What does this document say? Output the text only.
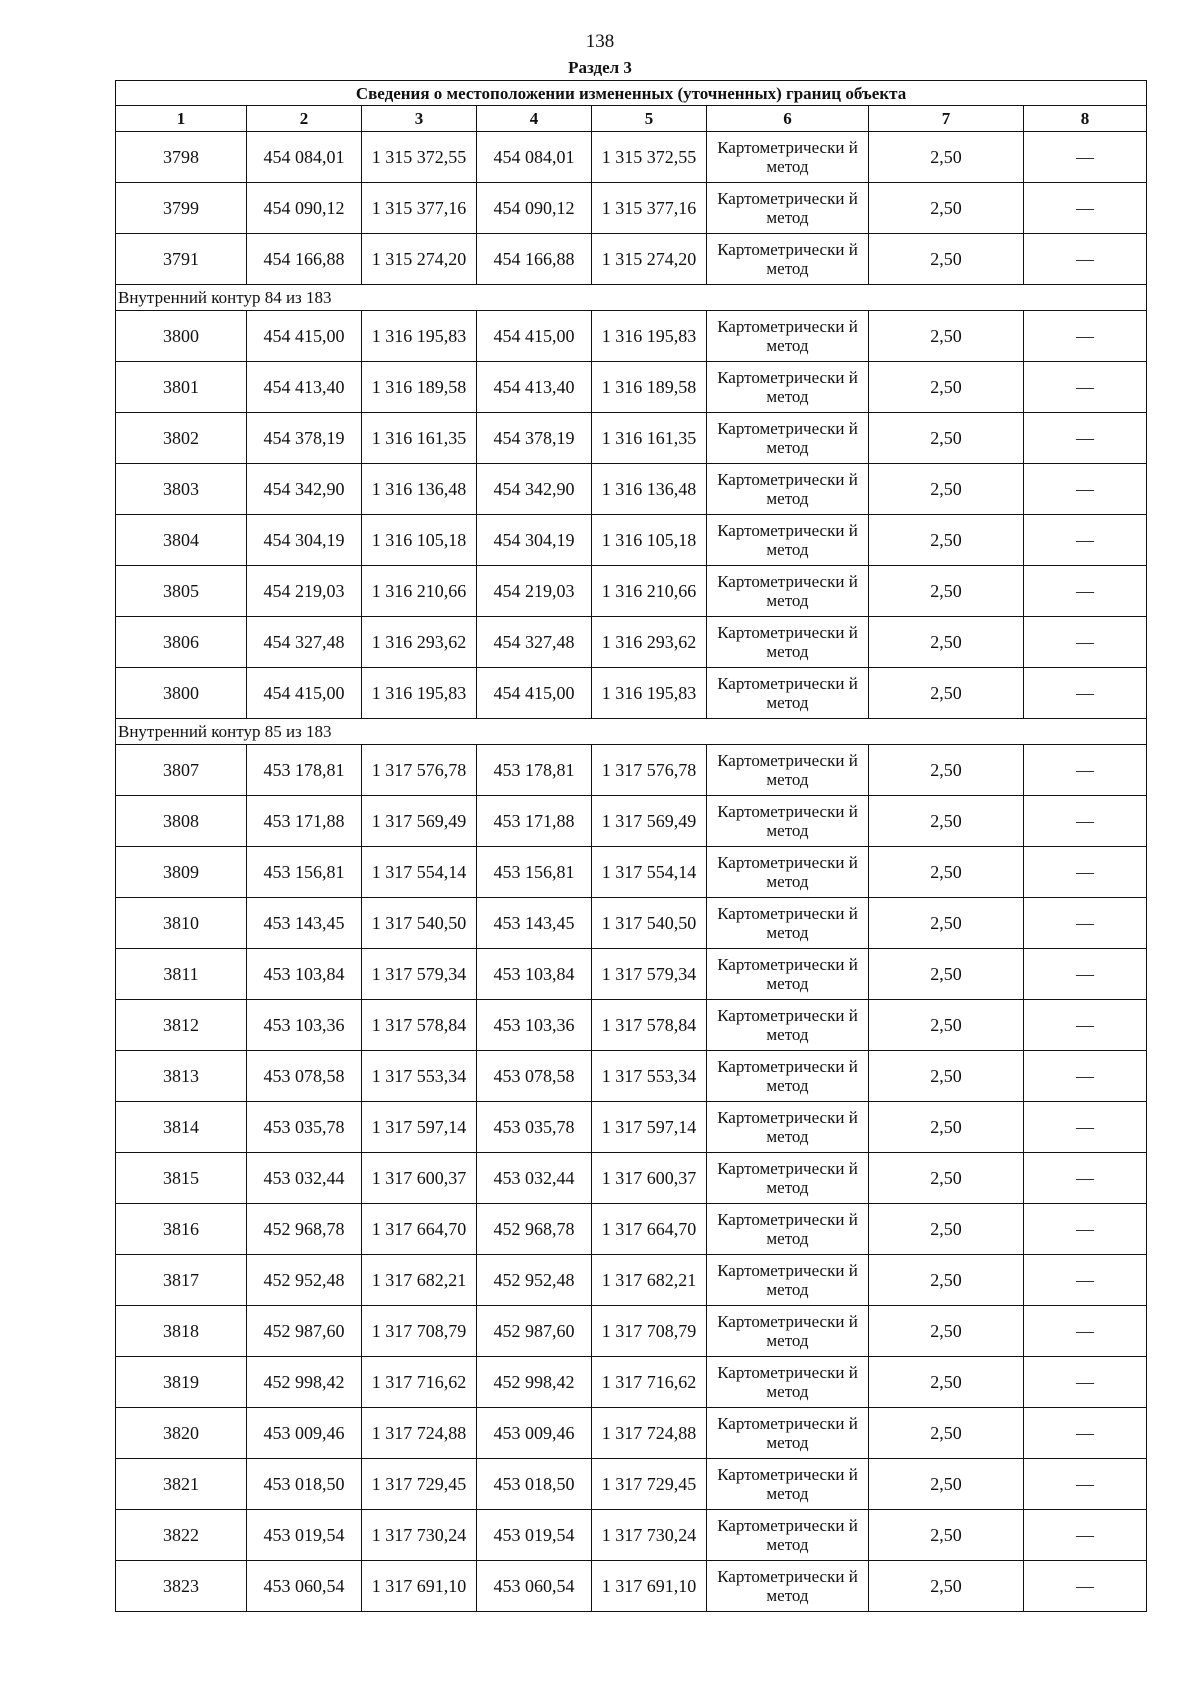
138
Раздел 3
Сведения о местоположении измененных (уточненных) границ объекта							
1	2	3	4	5	6	7	8
3798	454 084,01	1 315 372,55	454 084,01	1 315 372,55	Картометрически й метод	2,50	—
3799	454 090,12	1 315 377,16	454 090,12	1 315 377,16	Картометрически й метод	2,50	—
3791	454 166,88	1 315 274,20	454 166,88	1 315 274,20	Картометрически й метод	2,50	—
Внутренний контур 84 из 183							
3800	454 415,00	1 316 195,83	454 415,00	1 316 195,83	Картометрически й метод	2,50	—
3801	454 413,40	1 316 189,58	454 413,40	1 316 189,58	Картометрически й метод	2,50	—
3802	454 378,19	1 316 161,35	454 378,19	1 316 161,35	Картометрически й метод	2,50	—
3803	454 342,90	1 316 136,48	454 342,90	1 316 136,48	Картометрически й метод	2,50	—
3804	454 304,19	1 316 105,18	454 304,19	1 316 105,18	Картометрически й метод	2,50	—
3805	454 219,03	1 316 210,66	454 219,03	1 316 210,66	Картометрически й метод	2,50	—
3806	454 327,48	1 316 293,62	454 327,48	1 316 293,62	Картометрически й метод	2,50	—
3800	454 415,00	1 316 195,83	454 415,00	1 316 195,83	Картометрически й метод	2,50	—
Внутренний контур 85 из 183							
3807	453 178,81	1 317 576,78	453 178,81	1 317 576,78	Картометрически й метод	2,50	—
3808	453 171,88	1 317 569,49	453 171,88	1 317 569,49	Картометрически й метод	2,50	—
3809	453 156,81	1 317 554,14	453 156,81	1 317 554,14	Картометрически й метод	2,50	—
3810	453 143,45	1 317 540,50	453 143,45	1 317 540,50	Картометрически й метод	2,50	—
3811	453 103,84	1 317 579,34	453 103,84	1 317 579,34	Картометрически й метод	2,50	—
3812	453 103,36	1 317 578,84	453 103,36	1 317 578,84	Картометрически й метод	2,50	—
3813	453 078,58	1 317 553,34	453 078,58	1 317 553,34	Картометрически й метод	2,50	—
3814	453 035,78	1 317 597,14	453 035,78	1 317 597,14	Картометрически й метод	2,50	—
3815	453 032,44	1 317 600,37	453 032,44	1 317 600,37	Картометрически й метод	2,50	—
3816	452 968,78	1 317 664,70	452 968,78	1 317 664,70	Картометрически й метод	2,50	—
3817	452 952,48	1 317 682,21	452 952,48	1 317 682,21	Картометрически й метод	2,50	—
3818	452 987,60	1 317 708,79	452 987,60	1 317 708,79	Картометрически й метод	2,50	—
3819	452 998,42	1 317 716,62	452 998,42	1 317 716,62	Картометрически й метод	2,50	—
3820	453 009,46	1 317 724,88	453 009,46	1 317 724,88	Картометрически й метод	2,50	—
3821	453 018,50	1 317 729,45	453 018,50	1 317 729,45	Картометрически й метод	2,50	—
3822	453 019,54	1 317 730,24	453 019,54	1 317 730,24	Картометрически й метод	2,50	—
3823	453 060,54	1 317 691,10	453 060,54	1 317 691,10	Картометрически й метод	2,50	—
